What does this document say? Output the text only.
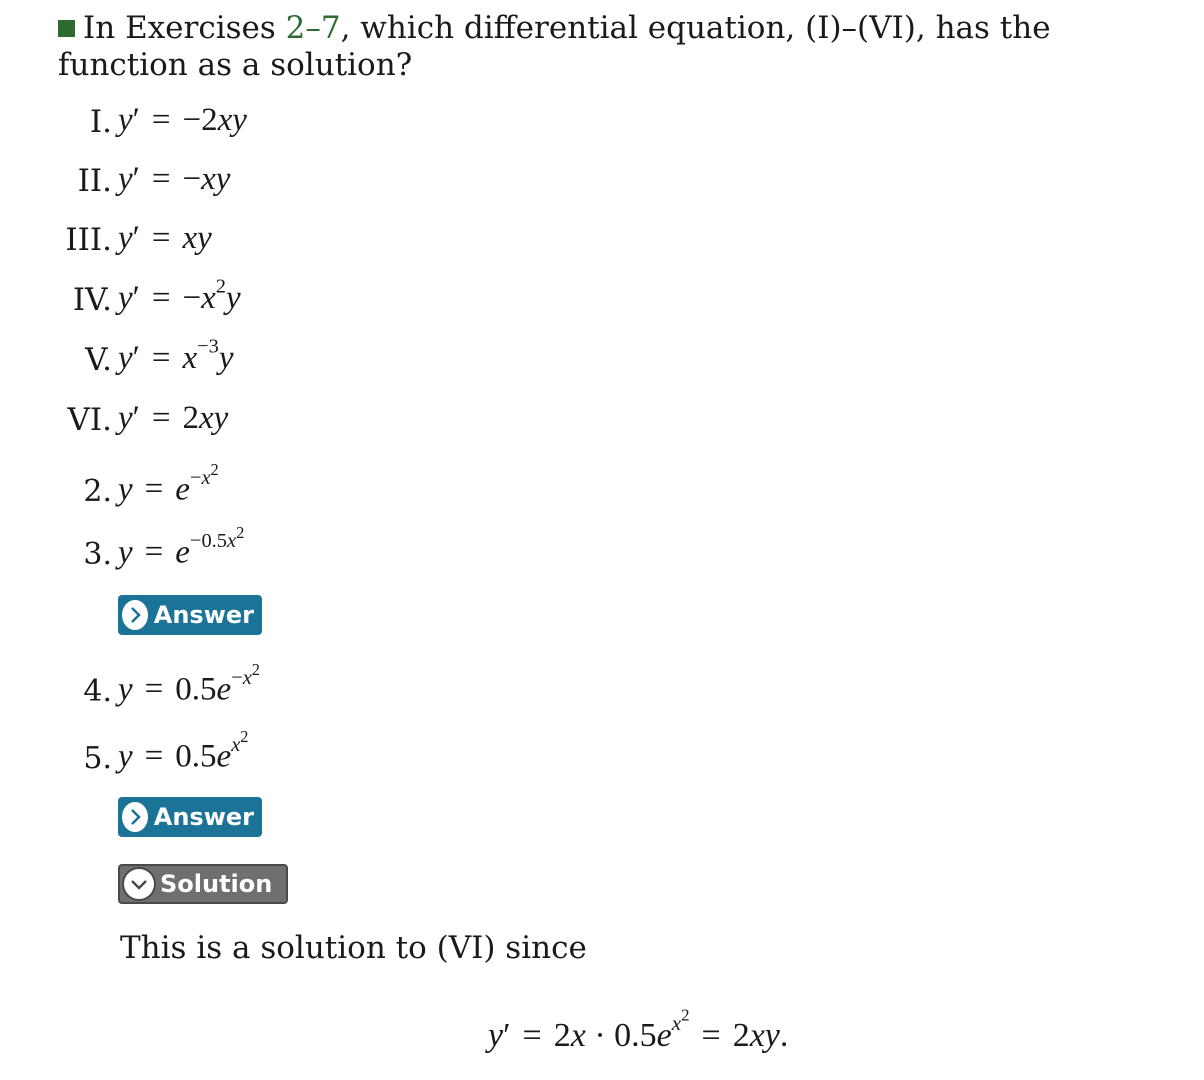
In Exercises 2–7, which differential equation, (I)–(VI), has the function as a solution?
I. y′ = −2xy
II. y′ = −xy
III. y′ = xy
IV. $y' = -x^2y$
V. $y' = x^{-3}y$
VI. y′ = 2xy
2. $y = e^{-x^2}$
3. $y = e^{-0.5x^2}$
Answer
4. $y = 0.5e^{-x^2}$
5. $y = 0.5e^{x^2}$
Answer
Solution
This is a solution to (VI) since
$y' = 2x \cdot 0.5e^{x^2}= 2xy$.
